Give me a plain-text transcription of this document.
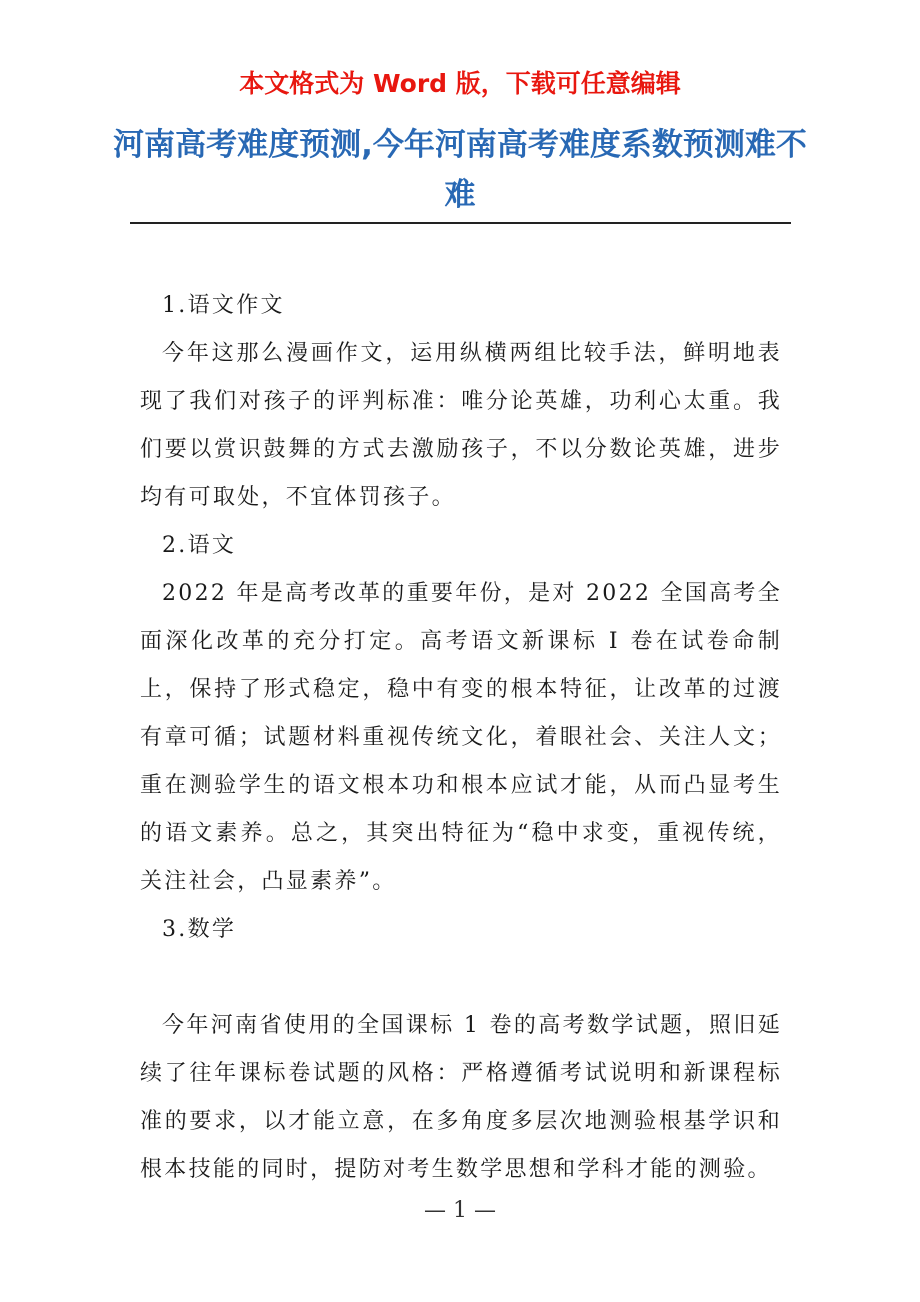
本文格式为 Word 版，下载可任意编辑
河南高考难度预测,今年河南高考难度系数预测难不难

1.语文作文

今年这那么漫画作文，运用纵横两组比较手法，鲜明地表现了我们对孩子的评判标准：唯分论英雄，功利心太重。我们要以赏识鼓舞的方式去激励孩子，不以分数论英雄，进步均有可取处，不宜体罚孩子。

2.语文

2022 年是高考改革的重要年份，是对 2022 全国高考全面深化改革的充分打定。高考语文新课标 I 卷在试卷命制上，保持了形式稳定，稳中有变的根本特征，让改革的过渡有章可循；试题材料重视传统文化，着眼社会、关注人文；重在测验学生的语文根本功和根本应试才能，从而凸显考生的语文素养。总之，其突出特征为“稳中求变，重视传统，关注社会，凸显素养”。

3.数学

今年河南省使用的全国课标 1 卷的高考数学试题，照旧延续了往年课标卷试题的风格：严格遵循考试说明和新课程标准的要求，以才能立意，在多角度多层次地测验根基学识和根本技能的同时，提防对考生数学思想和学科才能的测验。

— 1 —
